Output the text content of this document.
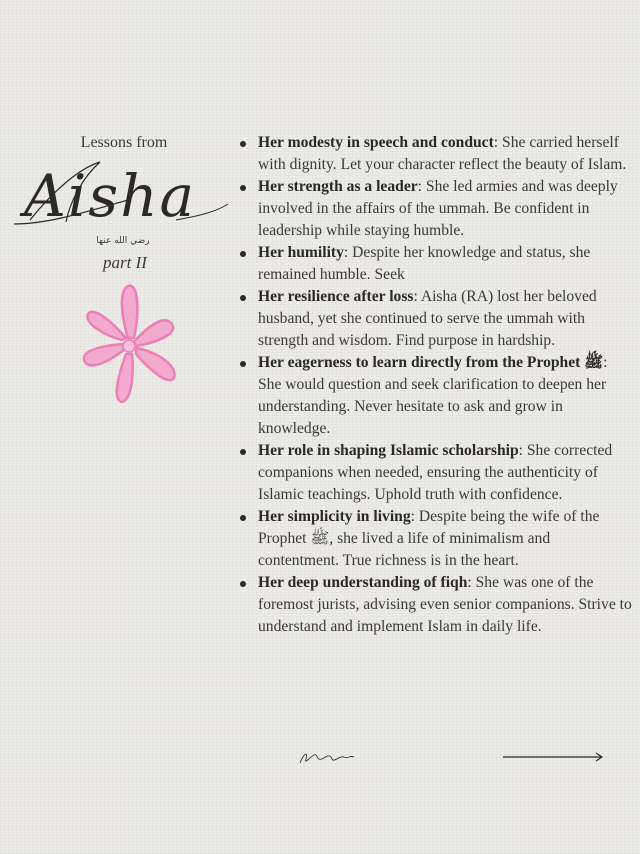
Lessons from
Aisha
رضي الله عنها
part II
Her modesty in speech and conduct: She carried herself with dignity. Let your character reflect the beauty of Islam.
Her strength as a leader: She led armies and was deeply involved in the affairs of the ummah. Be confident in leadership while staying humble.
Her humility: Despite her knowledge and status, she remained humble. Seek
Her resilience after loss: Aisha (RA) lost her beloved husband, yet she continued to serve the ummah with strength and wisdom. Find purpose in hardship.
Her eagerness to learn directly from the Prophet ﷺ: She would question and seek clarification to deepen her understanding. Never hesitate to ask and grow in knowledge.
Her role in shaping Islamic scholarship: She corrected companions when needed, ensuring the authenticity of Islamic teachings. Uphold truth with confidence.
Her simplicity in living: Despite being the wife of the Prophet ﷺ, she lived a life of minimalism and contentment. True richness is in the heart.
Her deep understanding of fiqh: She was one of the foremost jurists, advising even senior companions. Strive to understand and implement Islam in daily life.
